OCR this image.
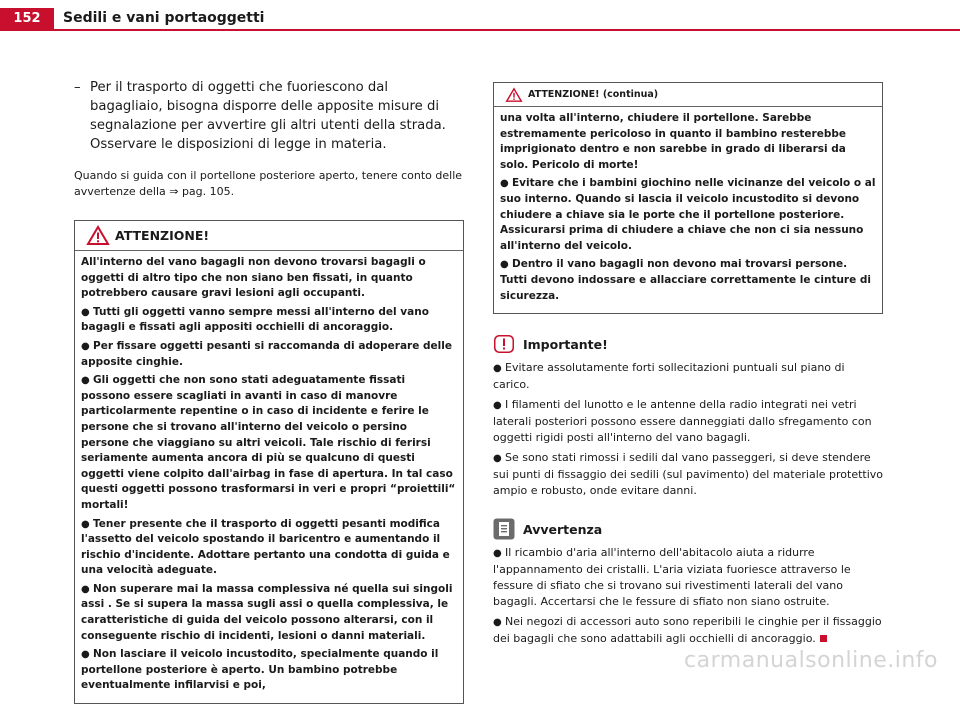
152	Sedili e vani portaoggetti
– Per il trasporto di oggetti che fuoriescono dal bagagliaio, bisogna disporre delle apposite misure di segnalazione per avvertire gli altri utenti della strada. Osservare le disposizioni di legge in materia.

Quando si guida con il portellone posteriore aperto, tenere conto delle avvertenze della ⇒ pag. 105.

ATTENZIONE!

All'interno del vano bagagli non devono trovarsi bagagli o oggetti di altro tipo che non siano ben fissati, in quanto potrebbero causare gravi lesioni agli occupanti.

● Tutti gli oggetti vanno sempre messi all'interno del vano bagagli e fissati agli appositi occhielli di ancoraggio.

● Per fissare oggetti pesanti si raccomanda di adoperare delle apposite cinghie.

● Gli oggetti che non sono stati adeguatamente fissati possono essere scagliati in avanti in caso di manovre particolarmente repentine o in caso di incidente e ferire le persone che si trovano all'interno del veicolo o persino persone che viaggiano su altri veicoli. Tale rischio di ferirsi seriamente aumenta ancora di più se qualcuno di questi oggetti viene colpito dall'airbag in fase di apertura. In tal caso questi oggetti possono trasformarsi in veri e propri “proiettili“ mortali!

● Tener presente che il trasporto di oggetti pesanti modifica l'assetto del veicolo spostando il baricentro e aumentando il rischio d'incidente. Adottare pertanto una condotta di guida e una velocità adeguate.

● Non superare mai la massa complessiva né quella sui singoli assi . Se si supera la massa sugli assi o quella complessiva, le caratteristiche di guida del veicolo possono alterarsi, con il conseguente rischio di incidenti, lesioni o danni materiali.

● Non lasciare il veicolo incustodito, specialmente quando il portellone posteriore è aperto. Un bambino potrebbe eventualmente infilarvisi e poi,

ATTENZIONE! (continua)

una volta all'interno, chiudere il portellone. Sarebbe estremamente pericoloso in quanto il bambino resterebbe imprigionato dentro e non sarebbe in grado di liberarsi da solo. Pericolo di morte!

● Evitare che i bambini giochino nelle vicinanze del veicolo o al suo interno. Quando si lascia il veicolo incustodito si devono chiudere a chiave sia le porte che il portellone posteriore. Assicurarsi prima di chiudere a chiave che non ci sia nessuno all'interno del veicolo.

● Dentro il vano bagagli non devono mai trovarsi persone. Tutti devono indossare e allacciare correttamente le cinture di sicurezza.

Importante!

● Evitare assolutamente forti sollecitazioni puntuali sul piano di carico.

● I filamenti del lunotto e le antenne della radio integrati nei vetri laterali posteriori possono essere danneggiati dallo sfregamento con oggetti rigidi posti all'interno del vano bagagli.

● Se sono stati rimossi i sedili dal vano passeggeri, si deve stendere sui punti di fissaggio dei sedili (sul pavimento) del materiale protettivo ampio e robusto, onde evitare danni.

Avvertenza

● Il ricambio d'aria all'interno dell'abitacolo aiuta a ridurre l'appannamento dei cristalli. L'aria viziata fuoriesce attraverso le fessure di sfiato che si trovano sui rivestimenti laterali del vano bagagli. Accertarsi che le fessure di sfiato non siano ostruite.

● Nei negozi di accessori auto sono reperibili le cinghie per il fissaggio dei bagagli che sono adattabili agli occhielli di ancoraggio.

carmanualsonline.info
